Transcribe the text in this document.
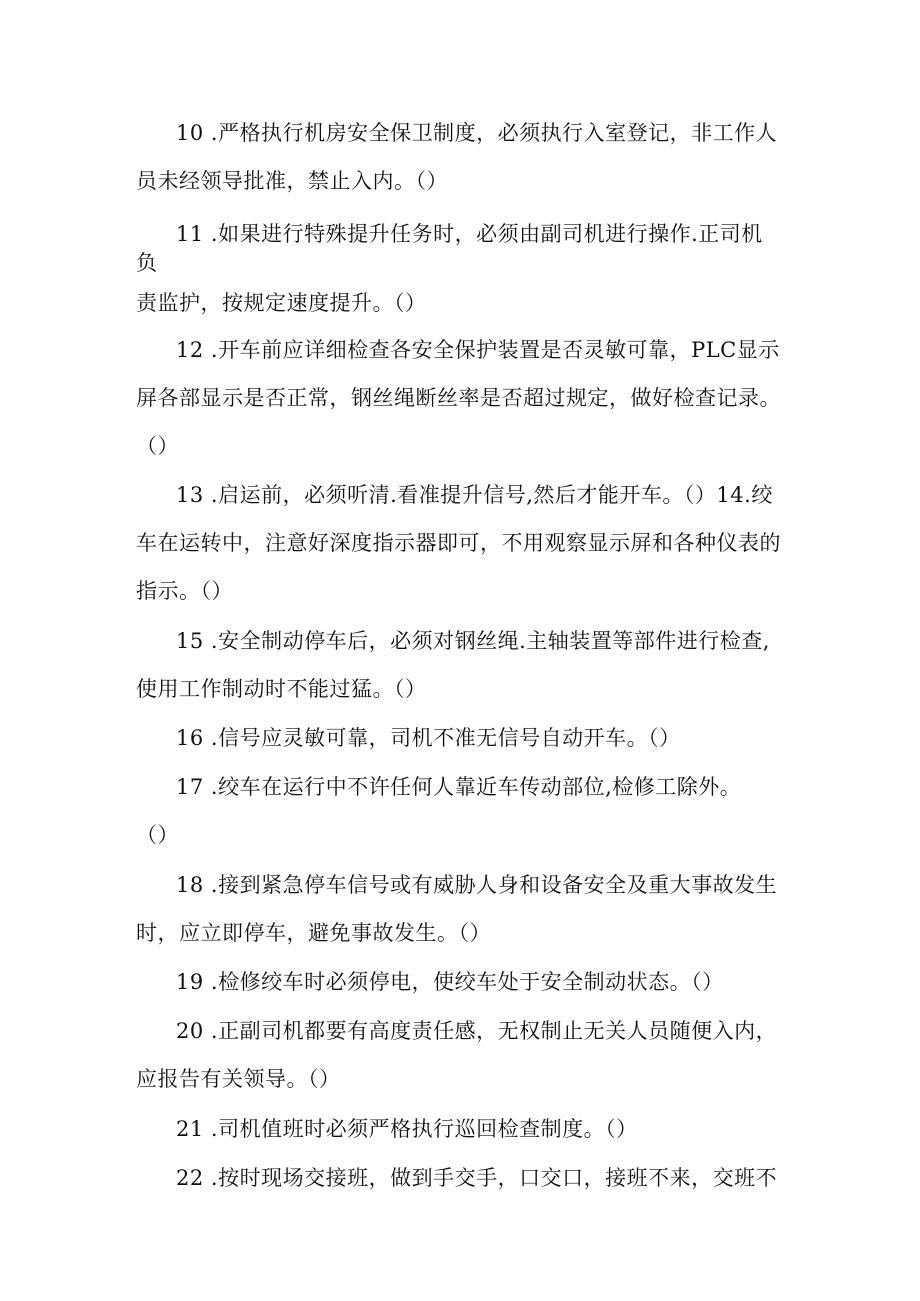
10 .严格执行机房安全保卫制度，必须执行入室登记，非工作人
员未经领导批准，禁止入内。（）
11 .如果进行特殊提升任务时，必须由副司机进行操作.正司机
负
责监护，按规定速度提升。（）
12 .开车前应详细检查各安全保护装置是否灵敏可靠，PLC显示
屏各部显示是否正常，钢丝绳断丝率是否超过规定，做好检查记录。
（）
13 .启运前，必须听清.看准提升信号,然后才能开车。（）14.绞
车在运转中，注意好深度指示器即可，不用观察显示屏和各种仪表的
指示。（）
15 .安全制动停车后，必须对钢丝绳.主轴装置等部件进行检查,
使用工作制动时不能过猛。（）
16 .信号应灵敏可靠，司机不准无信号自动开车。（）
17 .绞车在运行中不许任何人靠近车传动部位,检修工除外。
（）
18 .接到紧急停车信号或有威胁人身和设备安全及重大事故发生
时，应立即停车，避免事故发生。（）
19 .检修绞车时必须停电，使绞车处于安全制动状态。（）
20 .正副司机都要有高度责任感，无权制止无关人员随便入内，
应报告有关领导。（）
21 .司机值班时必须严格执行巡回检查制度。（）
22 .按时现场交接班，做到手交手，口交口，接班不来，交班不
